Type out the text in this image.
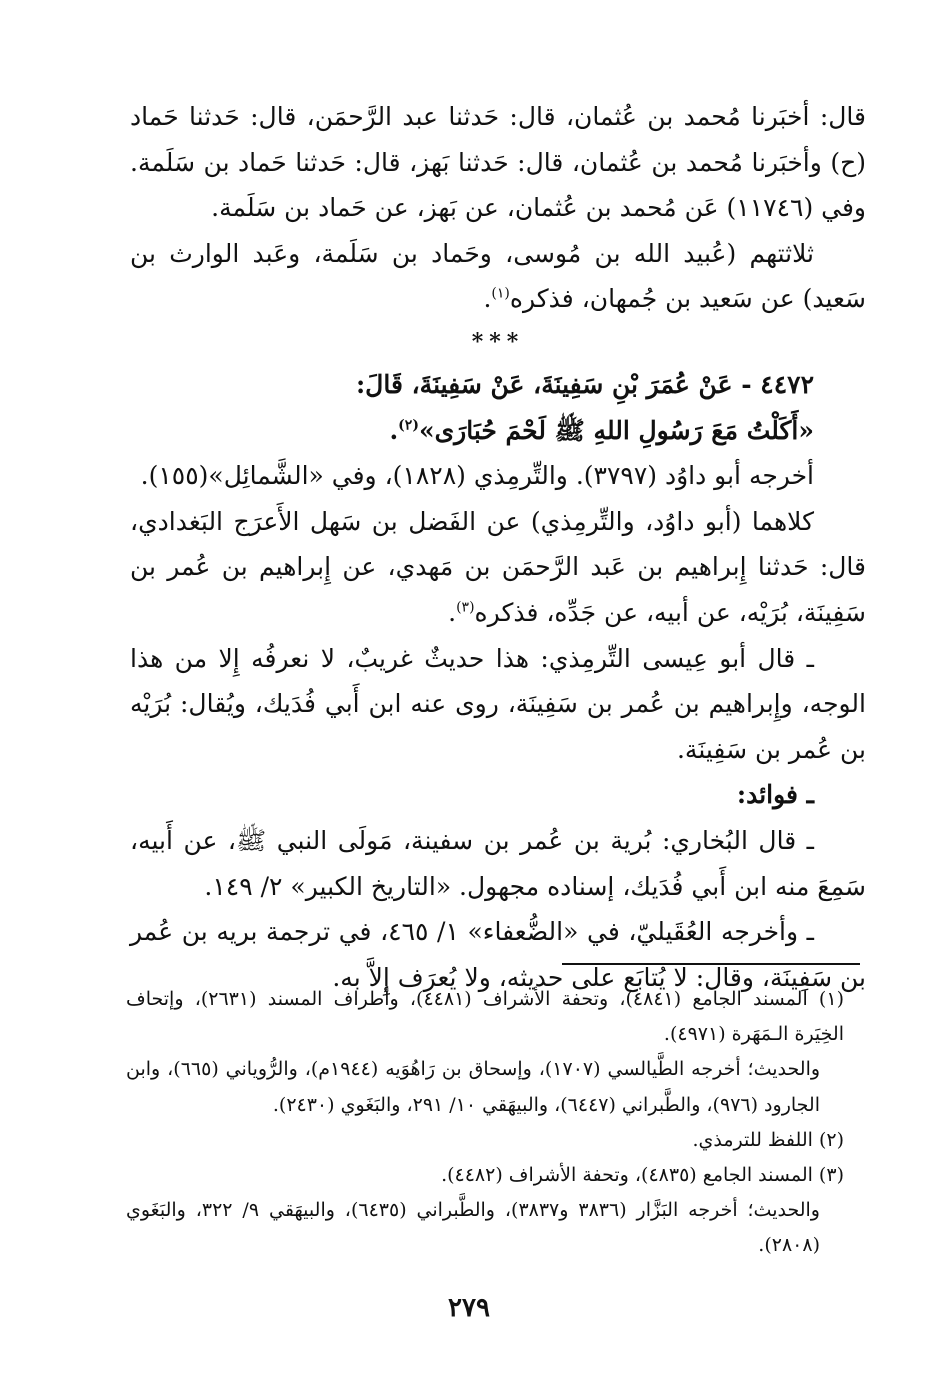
قال: أخبَرنا مُحمد بن عُثمان، قال: حَدثنا عبد الرَّحمَن، قال: حَدثنا حَماد (ح) وأخبَرنا مُحمد بن عُثمان، قال: حَدثنا بَهز، قال: حَدثنا حَماد بن سَلَمة. وفي (١١٧٤٦) عَن مُحمد بن عُثمان، عن بَهز، عن حَماد بن سَلَمة.

ثلاثتهم (عُبيد الله بن مُوسى، وحَماد بن سَلَمة، وعَبد الوارث بن سَعيد) عن سَعيد بن جُمهان، فذكره$^{(١)}$.

***

٤٤٧٢ - عَنْ عُمَرَ بْنِ سَفِينَةَ، عَنْ سَفِينَةَ، قَالَ:

«أَكَلْتُ مَعَ رَسُولِ اللهِ ﷺ لَحْمَ حُبَارَى»$^{(٢)}$.

أخرجه أبو داوُد (٣٧٩٧). والتِّرمِذي (١٨٢٨)، وفي «الشَّمائِل»(١٥٥).

كلاهما (أبو داوُد، والتِّرمِذي) عن الفَضل بن سَهل الأَعرَج البَغدادي، قال: حَدثنا إِبراهيم بن عَبد الرَّحمَن بن مَهدي، عن إِبراهيم بن عُمر بن سَفِينَة، بُرَيْه، عن أبيه، عن جَدِّه، فذكره$^{(٣)}$.

ـ قال أبو عِيسى التِّرمِذي: هذا حديثٌ غريبٌ، لا نعرفُه إِلا من هذا الوجه، وإِبراهيم بن عُمر بن سَفِينَة، روى عنه ابن أَبي فُدَيك، ويُقال: بُرَيْه بن عُمر بن سَفِينَة.

ـ فوائد:

ـ قال البُخاري: بُرية بن عُمر بن سفينة، مَولَى النبي ﷺ، عن أَبيه، سَمِعَ منه ابن أَبي فُدَيك، إسناده مجهول. «التاريخ الكبير» ٢/ ١٤٩.

ـ وأخرجه العُقَيليّ، في «الضُّعفاء» ١/ ٤٦٥، في ترجمة بريه بن عُمر بن سَفِينَة، وقال: لا يُتابَع على حديثه، ولا يُعرَف إِلاَّ به.

(١) المسند الجامع (٤٨٤١)، وتحفة الأشراف (٤٤٨١)، وأطراف المسند (٢٦٣١)، وإتحاف الخِيَرة الـمَهَرة (٤٩٧١).

والحديث؛ أخرجه الطَّيالسي (١٧٠٧)، وإسحاق بن رَاهُوَيه (١٩٤٤م)، والرُّوياني (٦٦٥)، وابن الجارود (٩٧٦)، والطَّبراني (٦٤٤٧)، والبيهَقي ١٠/ ٢٩١، والبَغَوي (٢٤٣٠).

(٢) اللفظ للترمذي.

(٣) المسند الجامع (٤٨٣٥)، وتحفة الأشراف (٤٤٨٢).

والحديث؛ أخرجه البَزَّار (٣٨٣٦ و٣٨٣٧)، والطَّبراني (٦٤٣٥)، والبيهَقي ٩/ ٣٢٢، والبَغَوي (٢٨٠٨).

٢٧٩
